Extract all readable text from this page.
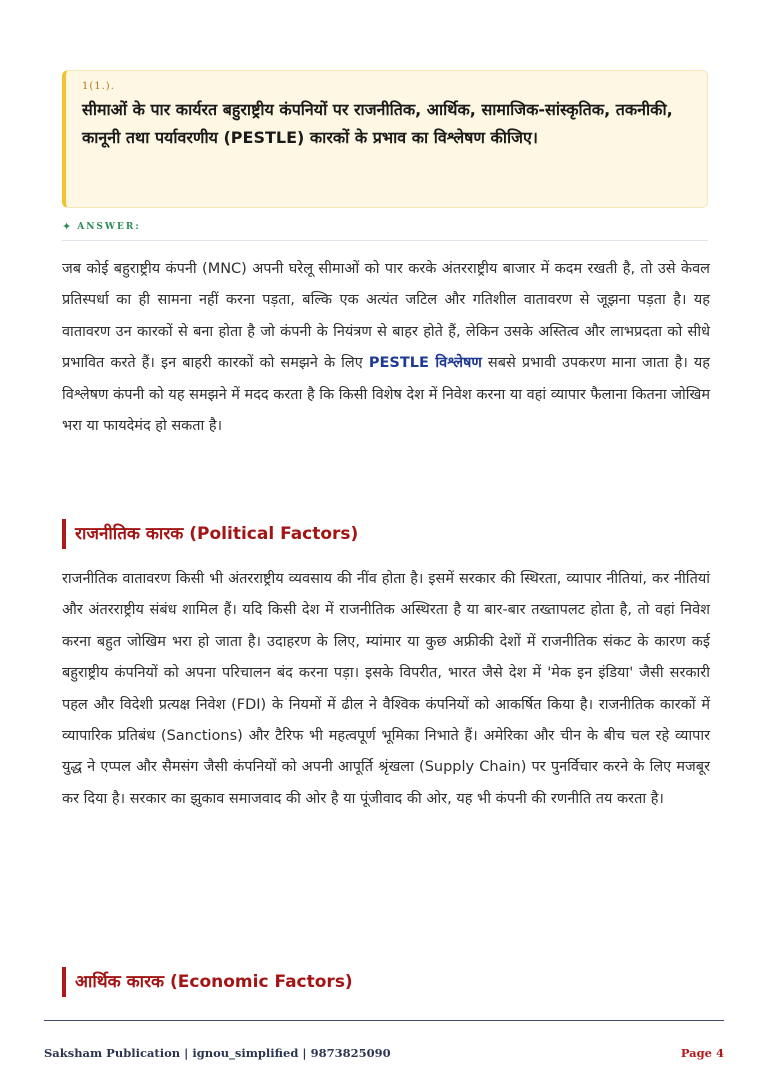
1(1.).

सीमाओं के पार कार्यरत बहुराष्ट्रीय कंपनियों पर राजनीतिक, आर्थिक, सामाजिक-सांस्कृतिक, तकनीकी, कानूनी तथा पर्यावरणीय (PESTLE) कारकों के प्रभाव का विश्लेषण कीजिए।

✦ ANSWER:

जब कोई बहुराष्ट्रीय कंपनी (MNC) अपनी घरेलू सीमाओं को पार करके अंतरराष्ट्रीय बाजार में कदम रखती है, तो उसे केवल प्रतिस्पर्धा का ही सामना नहीं करना पड़ता, बल्कि एक अत्यंत जटिल और गतिशील वातावरण से जूझना पड़ता है। यह वातावरण उन कारकों से बना होता है जो कंपनी के नियंत्रण से बाहर होते हैं, लेकिन उसके अस्तित्व और लाभप्रदता को सीधे प्रभावित करते हैं। इन बाहरी कारकों को समझने के लिए PESTLE विश्लेषण सबसे प्रभावी उपकरण माना जाता है। यह विश्लेषण कंपनी को यह समझने में मदद करता है कि किसी विशेष देश में निवेश करना या वहां व्यापार फैलाना कितना जोखिम भरा या फायदेमंद हो सकता है।

राजनीतिक कारक (Political Factors)

राजनीतिक वातावरण किसी भी अंतरराष्ट्रीय व्यवसाय की नींव होता है। इसमें सरकार की स्थिरता, व्यापार नीतियां, कर नीतियां और अंतरराष्ट्रीय संबंध शामिल हैं। यदि किसी देश में राजनीतिक अस्थिरता है या बार-बार तख्तापलट होता है, तो वहां निवेश करना बहुत जोखिम भरा हो जाता है। उदाहरण के लिए, म्यांमार या कुछ अफ्रीकी देशों में राजनीतिक संकट के कारण कई बहुराष्ट्रीय कंपनियों को अपना परिचालन बंद करना पड़ा। इसके विपरीत, भारत जैसे देश में 'मेक इन इंडिया' जैसी सरकारी पहल और विदेशी प्रत्यक्ष निवेश (FDI) के नियमों में ढील ने वैश्विक कंपनियों को आकर्षित किया है। राजनीतिक कारकों में व्यापारिक प्रतिबंध (Sanctions) और टैरिफ भी महत्वपूर्ण भूमिका निभाते हैं। अमेरिका और चीन के बीच चल रहे व्यापार युद्ध ने एप्पल और सैमसंग जैसी कंपनियों को अपनी आपूर्ति श्रृंखला (Supply Chain) पर पुनर्विचार करने के लिए मजबूर कर दिया है। सरकार का झुकाव समाजवाद की ओर है या पूंजीवाद की ओर, यह भी कंपनी की रणनीति तय करता है।

आर्थिक कारक (Economic Factors)
Saksham Publication | ignou_simplified | 9873825090	Page 4
